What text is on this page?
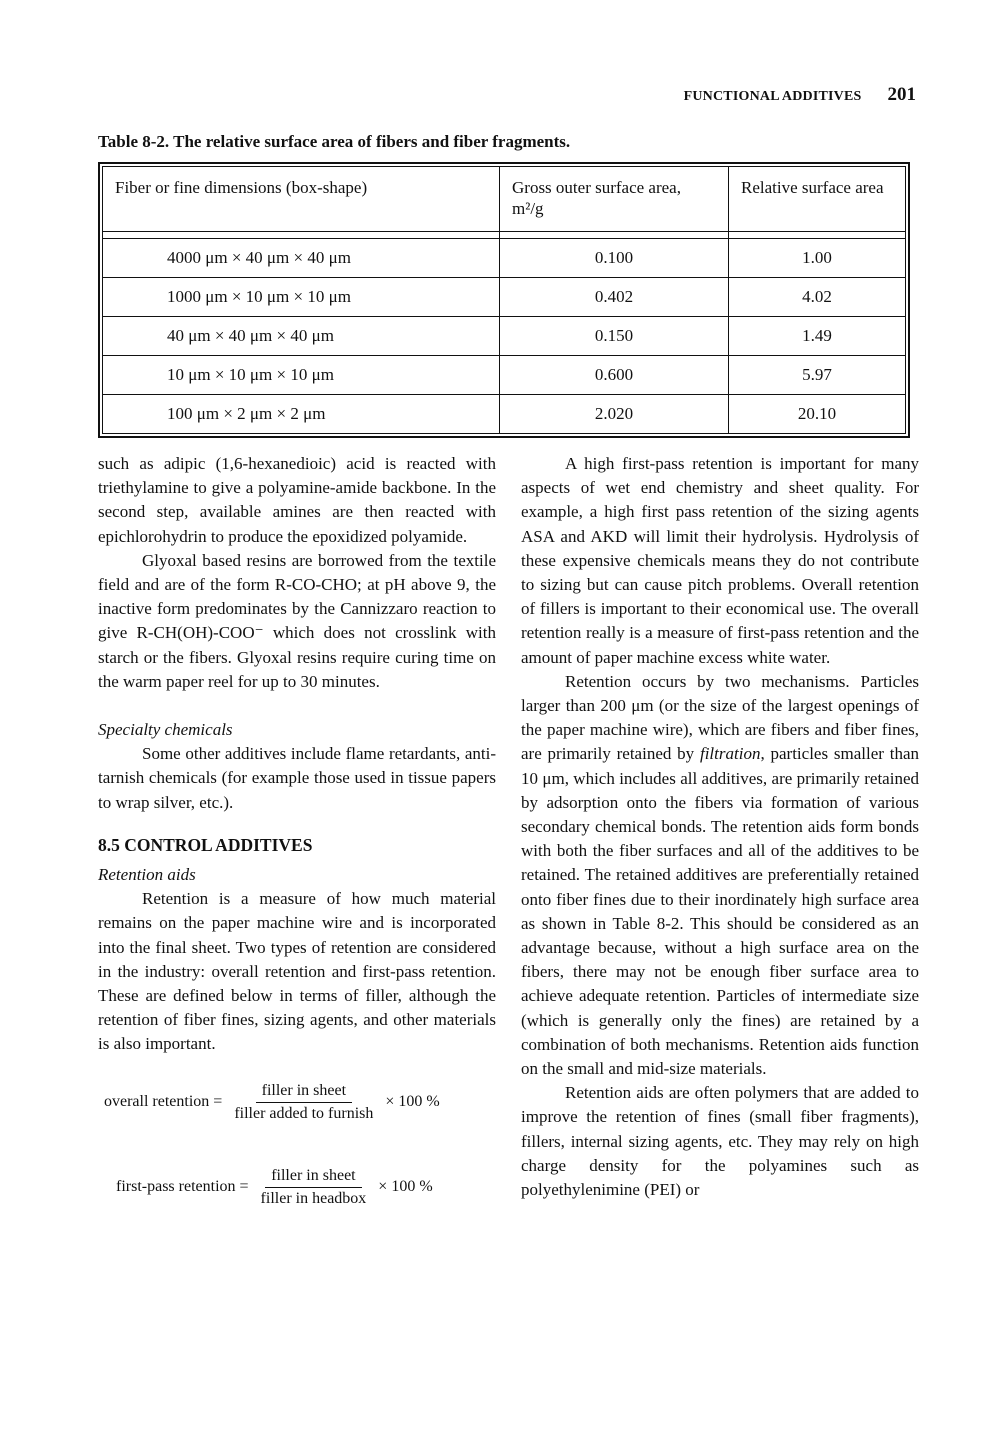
FUNCTIONAL ADDITIVES 201
Table 8-2. The relative surface area of fibers and fiber fragments.
Fiber or fine dimensions (box-shape)	Gross outer surface area, m²/g	Relative surface area

4000 μm × 40 μm × 40 μm	0.100	1.00
1000 μm × 10 μm × 10 μm	0.402	4.02
40 μm × 40 μm × 40 μm	0.150	1.49
10 μm × 10 μm × 10 μm	0.600	5.97
100 μm × 2 μm × 2 μm	2.020	20.10

such as adipic (1,6-hexanedioic) acid is reacted with triethylamine to give a polyamine-amide backbone. In the second step, available amines are then reacted with epichlorohydrin to produce the epoxidized polyamide.

Glyoxal based resins are borrowed from the textile field and are of the form R-CO-CHO; at pH above 9, the inactive form predominates by the Cannizzaro reaction to give R-CH(OH)-COO⁻ which does not crosslink with starch or the fibers. Glyoxal resins require curing time on the warm paper reel for up to 30 minutes.

Specialty chemicals

Some other additives include flame retardants, anti-tarnish chemicals (for example those used in tissue papers to wrap silver, etc.).

8.5 CONTROL ADDITIVES

Retention aids

Retention is a measure of how much material remains on the paper machine wire and is incorporated into the final sheet. Two types of retention are considered in the industry: overall retention and first-pass retention. These are defined below in terms of filler, although the retention of fiber fines, sizing agents, and other materials is also important.

overall retention = $\frac{\text{filler in sheet}}{\text{filler added to furnish}} \times 100$ %
first-pass retention = $\frac{\text{filler in sheet}}{\text{filler in headbox}} \times 100$ %

A high first-pass retention is important for many aspects of wet end chemistry and sheet quality. For example, a high first pass retention of the sizing agents ASA and AKD will limit their hydrolysis. Hydrolysis of these expensive chemicals means they do not contribute to sizing but can cause pitch problems. Overall retention of fillers is important to their economical use. The overall retention really is a measure of first-pass retention and the amount of paper machine excess white water.

Retention occurs by two mechanisms. Particles larger than 200 μm (or the size of the largest openings of the paper machine wire), which are fibers and fiber fines, are primarily retained by filtration, particles smaller than 10 μm, which includes all additives, are primarily retained by adsorption onto the fibers via formation of various secondary chemical bonds. The retention aids form bonds with both the fiber surfaces and all of the additives to be retained. The retained additives are preferentially retained onto fiber fines due to their inordinately high surface area as shown in Table 8-2. This should be considered as an advantage because, without a high surface area on the fibers, there may not be enough fiber surface area to achieve adequate retention. Particles of intermediate size (which is generally only the fines) are retained by a combination of both mechanisms. Retention aids function on the small and mid-size materials.

Retention aids are often polymers that are added to improve the retention of fines (small fiber fragments), fillers, internal sizing agents, etc. They may rely on high charge density for the polyamines such as polyethylenimine (PEI) or
